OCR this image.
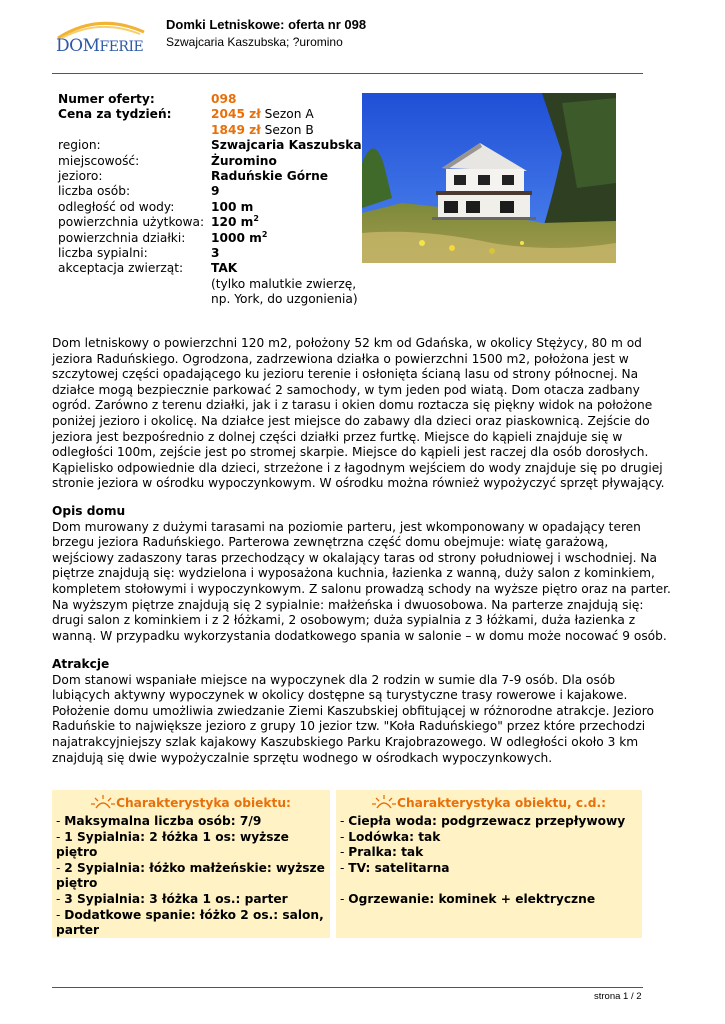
DOMFERIE
Domki Letniskowe: oferta nr 098
Szwajcaria Kaszubska; ?uromino
Numer oferty:	098
Cena za tydzień:	2045 zł Sezon A
	1849 zł Sezon B
region:	Szwajcaria Kaszubska
miejscowość:	Żuromino
jezioro:	Raduńskie Górne
liczba osób:	9
odległość od wody:	100 m
powierzchnia użytkowa:	120 $m^2$
powierzchnia działki:	1000 $m^2$
liczba sypialni:	3
akceptacja zwierząt:	TAK
	(tylko malutkie zwierzę,
	np. York, do uzgonienia)

Dom letniskowy o powierzchni 120 m2, położony 52 km od Gdańska, w okolicy Stężycy, 80 m od jeziora Raduńskiego. Ogrodzona, zadrzewiona działka o powierzchni 1500 m2, położona jest w szczytowej części opadającego ku jezioru terenie i osłonięta ścianą lasu od strony północnej. Na działce mogą bezpiecznie parkować 2 samochody, w tym jeden pod wiatą. Dom otacza zadbany ogród. Zarówno z terenu działki, jak i z tarasu i okien domu roztacza się piękny widok na położone poniżej jezioro i okolicę. Na działce jest miejsce do zabawy dla dzieci oraz piaskownicą. Zejście do jeziora jest bezpośrednio z dolnej części działki przez furtkę. Miejsce do kąpieli znajduje się w odległości 100m, zejście jest po stromej skarpie. Miejsce do kąpieli jest raczej dla osób dorosłych. Kąpielisko odpowiednie dla dzieci, strzeżone i z łagodnym wejściem do wody znajduje się po drugiej stronie jeziora w ośrodku wypoczynkowym. W ośrodku można również wypożyczyć sprzęt pływający.

Opis domu

Dom murowany z dużymi tarasami na poziomie parteru, jest wkomponowany w opadający teren brzegu jeziora Raduńskiego. Parterowa zewnętrzna część domu obejmuje: wiatę garażową, wejściowy zadaszony taras przechodzący w okalający taras od strony południowej i wschodniej. Na piętrze znajdują się: wydzielona i wyposażona kuchnia, łazienka z wanną, duży salon z kominkiem, kompletem stołowymi i wypoczynkowym. Z salonu prowadzą schody na wyższe piętro oraz na parter. Na wyższym piętrze znajdują się 2 sypialnie: małżeńska i dwuosobowa. Na parterze znajdują się: drugi salon z kominkiem i z 2 łóżkami, 2 osobowym; duża sypialnia z 3 łóżkami, duża łazienka z wanną. W przypadku wykorzystania dodatkowego spania w salonie – w domu może nocować 9 osób.

Atrakcje

Dom stanowi wspaniałe miejsce na wypoczynek dla 2 rodzin w sumie dla 7-9 osób. Dla osób lubiących aktywny wypoczynek w okolicy dostępne są turystyczne trasy rowerowe i kajakowe. Położenie domu umożliwia zwiedzanie Ziemi Kaszubskiej obfitującej w różnorodne atrakcje. Jezioro Raduńskie to największe jezioro z grupy 10 jezior tzw. "Koła Raduńskiego" przez które przechodzi najatrakcyjniejszy szlak kajakowy Kaszubskiego Parku Krajobrazowego. W odległości około 3 km znajdują się dwie wypożyczalnie sprzętu wodnego w ośrodkach wypoczynkowych.

Charakterystyka obiektu:
- Maksymalna liczba osób: 7/9
- 1 Sypialnia: 2 łóżka 1 os: wyższe piętro
- 2 Sypialnia: łóżko małżeńskie: wyższe piętro
- 3 Sypialnia: 3 łóżka 1 os.: parter
- Dodatkowe spanie: łóżko 2 os.: salon, parter
Charakterystyka obiektu, c.d.:
- Ciepła woda: podgrzewacz przepływowy
- Lodówka: tak
- Pralka: tak
- TV: satelitarna
- Ogrzewanie: kominek + elektryczne
strona 1 / 2
